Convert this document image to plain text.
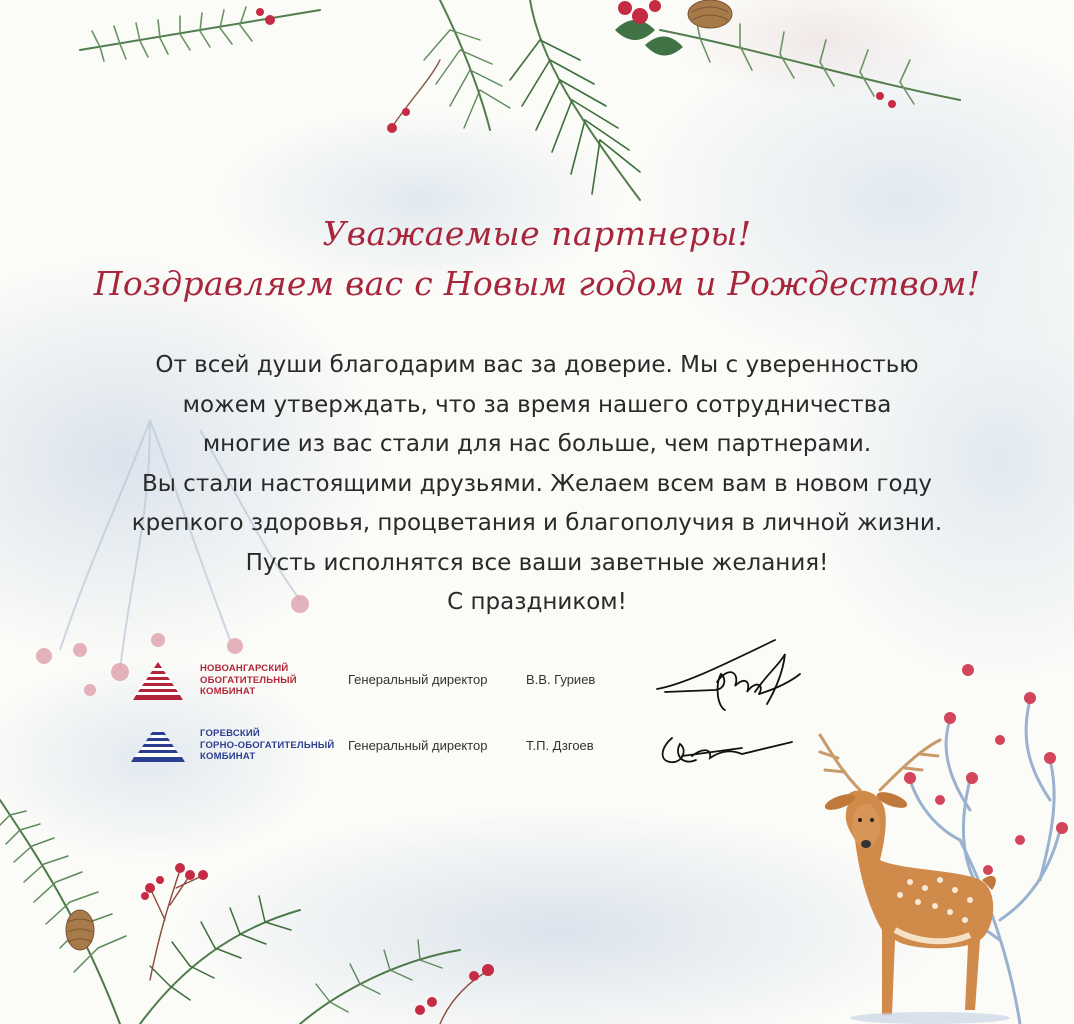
Уважаемые партнеры!
Поздравляем вас с Новым годом и Рождеством!
От всей души благодарим вас за доверие. Мы с уверенностью
можем утверждать, что за время нашего сотрудничества
многие из вас стали для нас больше, чем партнерами.
Вы стали настоящими друзьями. Желаем всем вам в новом году
крепкого здоровья, процветания и благополучия в личной жизни.
Пусть исполнятся все ваши заветные желания!
С праздником!
НОВОАНГАРСКИЙ
ОБОГАТИТЕЛЬНЫЙ
КОМБИНАТ
Генеральный директор	В.В. Гуриев
ГОРЕВСКИЙ
ГОРНО-ОБОГАТИТЕЛЬНЫЙ
КОМБИНАТ
Генеральный директор	Т.П. Дзгоев
